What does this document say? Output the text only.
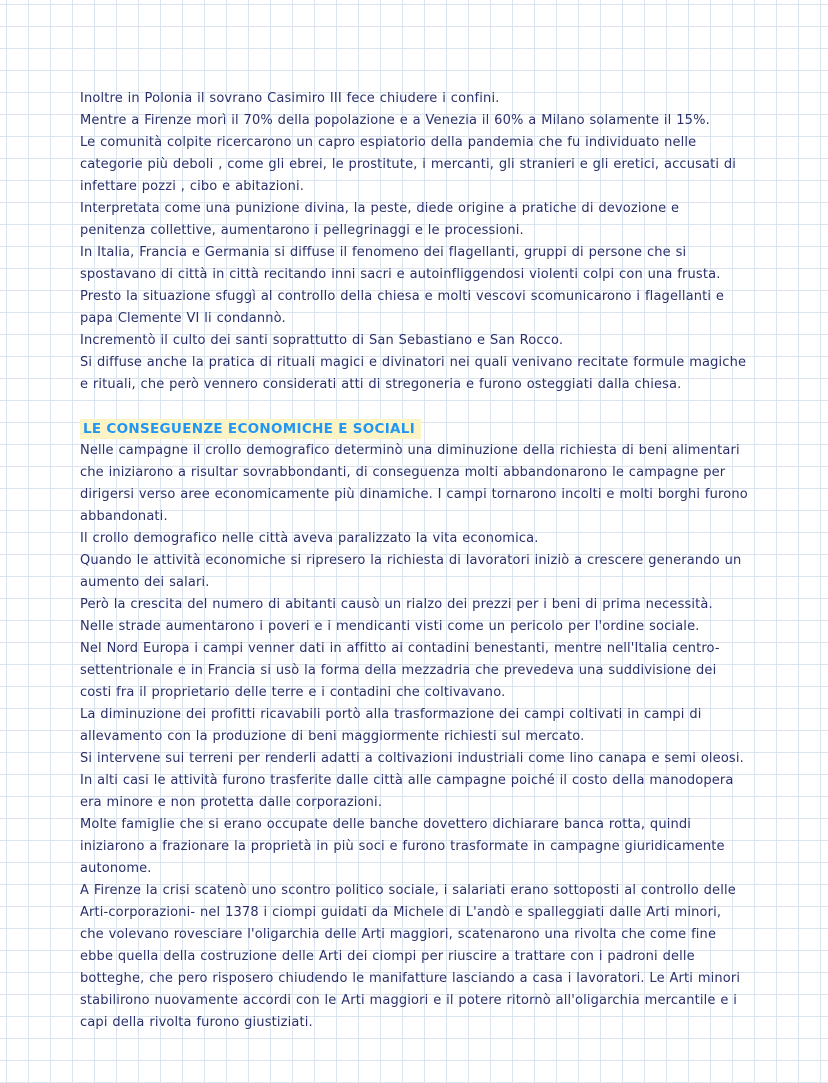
Inoltre in Polonia il sovrano Casimiro III fece chiudere i confini.

Mentre a Firenze morì il 70% della popolazione e a Venezia il 60% a Milano solamente il 15%.

Le comunità colpite ricercarono un capro espiatorio della pandemia che fu individuato nelle categorie più deboli , come gli ebrei, le prostitute, i mercanti, gli stranieri e gli eretici, accusati di infettare pozzi , cibo e abitazioni.

Interpretata come una punizione divina, la peste, diede origine a pratiche di devozione e penitenza collettive, aumentarono i pellegrinaggi e le processioni.

In Italia, Francia e Germania si diffuse il fenomeno dei flagellanti, gruppi di persone che si spostavano di città in città recitando inni sacri e autoinfliggendosi violenti colpi con una frusta. Presto la situazione sfuggì al controllo della chiesa e molti vescovi scomunicarono i flagellanti e papa Clemente VI li condannò.

Incrementò il culto dei santi soprattutto di San Sebastiano e San Rocco.

Si diffuse anche la pratica di rituali magici e divinatori nei quali venivano recitate formule magiche e rituali, che però vennero considerati atti di stregoneria e furono osteggiati dalla chiesa.

LE CONSEGUENZE ECONOMICHE E SOCIALI

Nelle campagne il crollo demografico determinò una diminuzione della richiesta di beni alimentari che iniziarono a risultar sovrabbondanti, di conseguenza molti abbandonarono le campagne per dirigersi verso aree economicamente più dinamiche. I campi tornarono incolti e molti borghi furono abbandonati.

Il crollo demografico nelle città aveva paralizzato la vita economica.

Quando le attività economiche si ripresero la richiesta di lavoratori iniziò a crescere generando un aumento dei salari.

Però la crescita del numero di abitanti causò un rialzo dei prezzi per i beni di prima necessità.

Nelle strade aumentarono i poveri e i mendicanti visti come un pericolo per l'ordine sociale.

Nel Nord Europa i campi venner dati in affitto ai contadini benestanti, mentre nell'Italia centro-settentrionale e in Francia si usò la forma della mezzadria che prevedeva una suddivisione dei costi fra il proprietario delle terre e i contadini che coltivavano.

La diminuzione dei profitti ricavabili portò alla trasformazione dei campi coltivati in campi di allevamento con la produzione di beni maggiormente richiesti sul mercato.

Si intervene sui terreni per renderli adatti a coltivazioni industriali come lino canapa e semi oleosi. In alti casi le attività furono trasferite dalle città alle campagne poiché il costo della manodopera era minore e non protetta dalle corporazioni.

Molte famiglie che si erano occupate delle banche dovettero dichiarare banca rotta, quindi iniziarono a frazionare la proprietà in più soci e furono trasformate in campagne giuridicamente autonome.

A Firenze la crisi scatenò uno scontro politico sociale, i salariati erano sottoposti al controllo delle Arti-corporazioni- nel 1378 i ciompi guidati da Michele di L'andò e spalleggiati dalle Arti minori, che volevano rovesciare l'oligarchia delle Arti maggiori, scatenarono una rivolta che come fine ebbe quella della costruzione delle Arti dei ciompi per riuscire a trattare con i padroni delle botteghe, che pero risposero chiudendo le manifatture lasciando a casa i lavoratori. Le Arti minori stabilirono nuovamente accordi con le Arti maggiori e il potere ritornò all'oligarchia mercantile e i capi della rivolta furono giustiziati.
